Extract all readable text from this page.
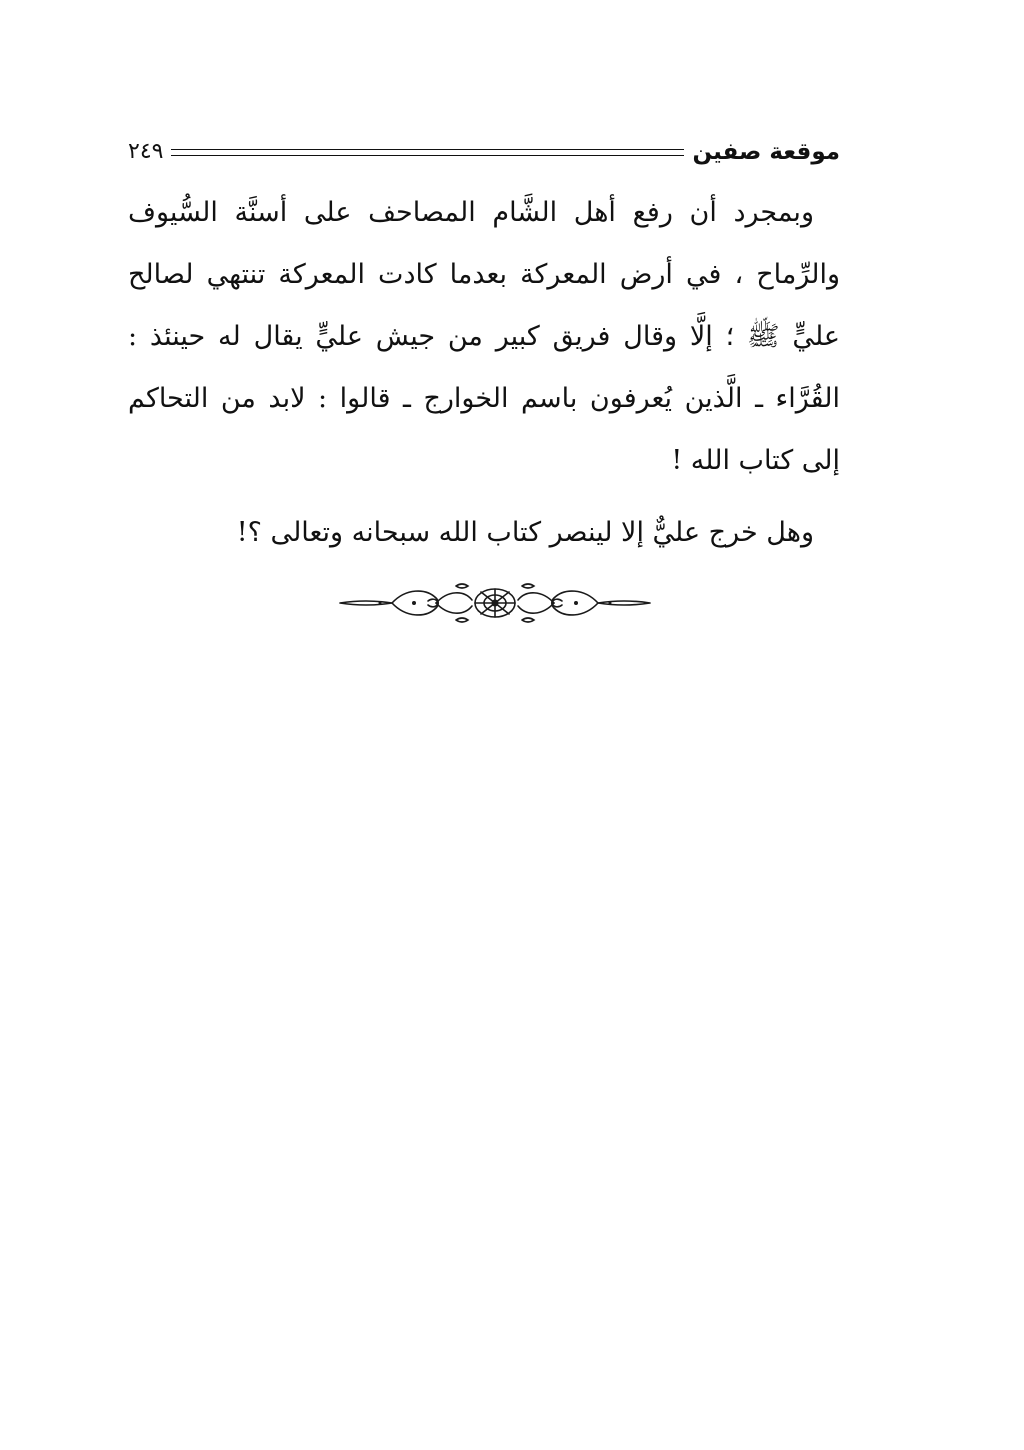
موقعة صفين
٢٤٩

وبمجرد أن رفع أهل الشَّام المصاحف على أسنَّة السُّيوف والرِّماح ، في أرض المعركة بعدما كادت المعركة تنتهي لصالح عليٍّ ﷺ ؛ إلَّا وقال فريق كبير من جيش عليٍّ يقال له حينئذ : القُرَّاء ـ الَّذين يُعرفون باسم الخوارج ـ قالوا : لابد من التحاكم إلى كتاب الله !

وهل خرج عليٌّ إلا لينصر كتاب الله سبحانه وتعالى ؟!
